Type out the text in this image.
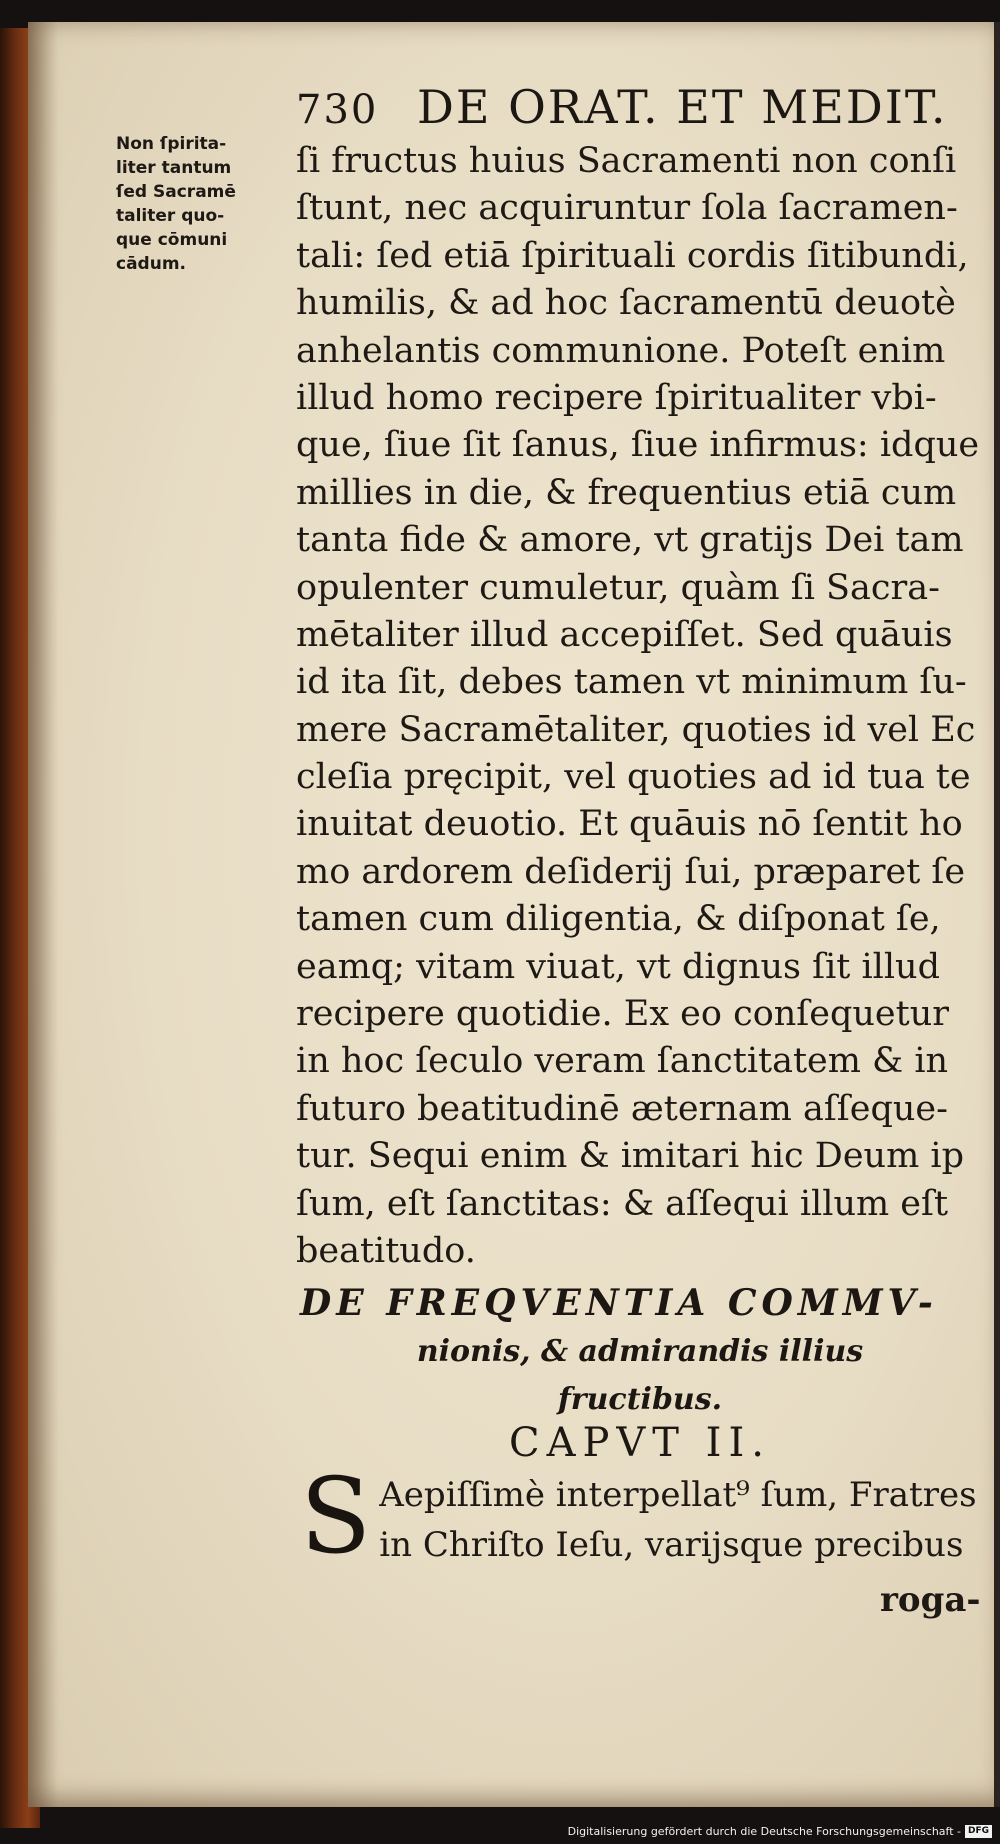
730 DE ORAT. ET MEDIT.
Non ſpirita-
liter tantum
ſed Sacramē
taliter quo-
que cōmuni
cādum.
ſi fructus huius Sacramenti non conſi
ſtunt, nec acquiruntur ſola ſacramen-
tali: ſed etiā ſpirituali cordis ſitibundi,
humilis, & ad hoc ſacramentū deuotè
anhelantis communione. Poteſt enim
illud homo recipere ſpiritualiter vbi-
que, ſiue ſit ſanus, ſiue infirmus: idque
millies in die, & frequentius etiā cum
tanta fide & amore, vt gratijs Dei tam
opulenter cumuletur, quàm ſi Sacra-
mētaliter illud accepiſſet. Sed quāuis
id ita ſit, debes tamen vt minimum ſu-
mere Sacramētaliter, quoties id vel Ec
cleſia pręcipit, vel quoties ad id tua te
inuitat deuotio. Et quāuis nō ſentit ho
mo ardorem deſiderij ſui, præparet ſe
tamen cum diligentia, & diſponat ſe,
eamq; vitam viuat, vt dignus ſit illud
recipere quotidie. Ex eo conſequetur
in hoc ſeculo veram ſanctitatem & in
futuro beatitudinē æternam aſſeque-
tur. Sequi enim & imitari hic Deum ip
ſum, eſt ſanctitas: & aſſequi illum eſt
beatitudo.
DE FREQVENTIA COMMV-
nionis, & admirandis illius
fructibus.
CAPVT II.
S Aepiſſimè interpellat⁹ ſum, Fratres
in Chriſto Ieſu, varijsque precibus
roga-
Digitalisierung gefördert durch die Deutsche Forschungsgemeinschaft - DFG
